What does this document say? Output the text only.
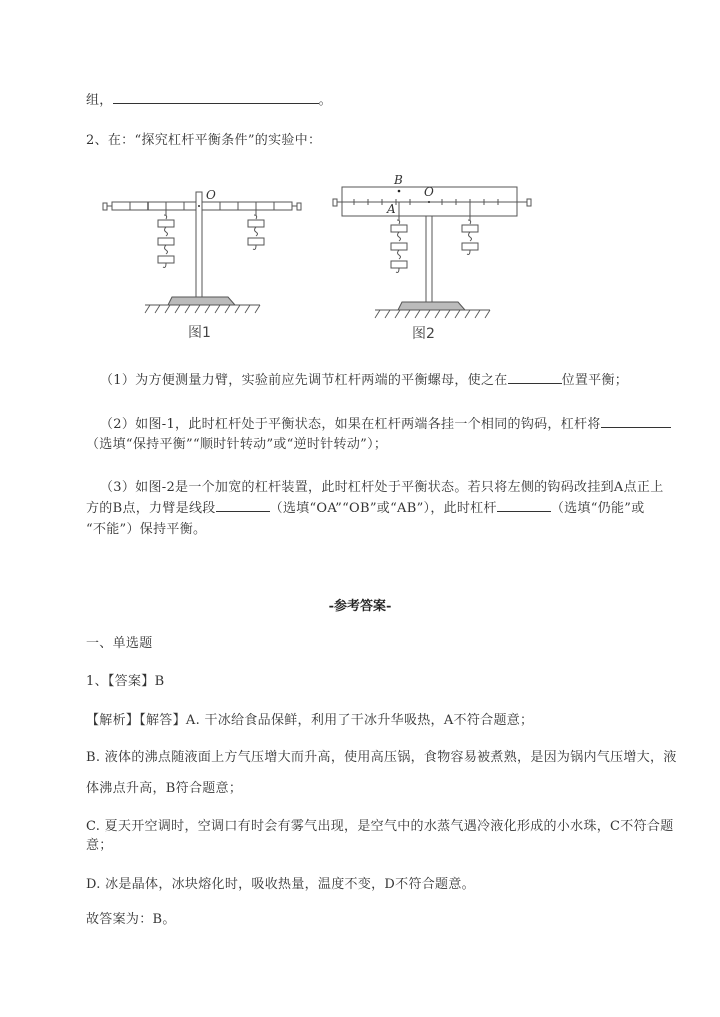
组，	。
2、在：“探究杠杆平衡条件”的实验中：
O
图1
B
O
A
图2
（1）为方便测量力臂，实验前应先调节杠杆两端的平衡螺母，使之在	位置平衡；
（2）如图-1，此时杠杆处于平衡状态，如果在杠杆两端各挂一个相同的钩码，杠杆将
（选填“保持平衡”“顺时针转动”或“逆时针转动”）；
（3）如图-2是一个加宽的杠杆装置，此时杠杆处于平衡状态。若只将左侧的钩码改挂到A点正上
方的B点，力臂是线段	（选填“OA”“OB”或“AB”），此时杠杆	（选填“仍能”或
“不能”）保持平衡。
-参考答案-
一、单选题
1、【答案】B
【解析】【解答】A. 干冰给食品保鲜，利用了干冰升华吸热，A不符合题意；
B. 液体的沸点随液面上方气压增大而升高，使用高压锅，食物容易被煮熟，是因为锅内气压增大，液
体沸点升高，B符合题意；
C. 夏天开空调时，空调口有时会有雾气出现，是空气中的水蒸气遇冷液化形成的小水珠，C不符合题
意；
D. 冰是晶体，冰块熔化时，吸收热量，温度不变，D不符合题意。
故答案为：B。
